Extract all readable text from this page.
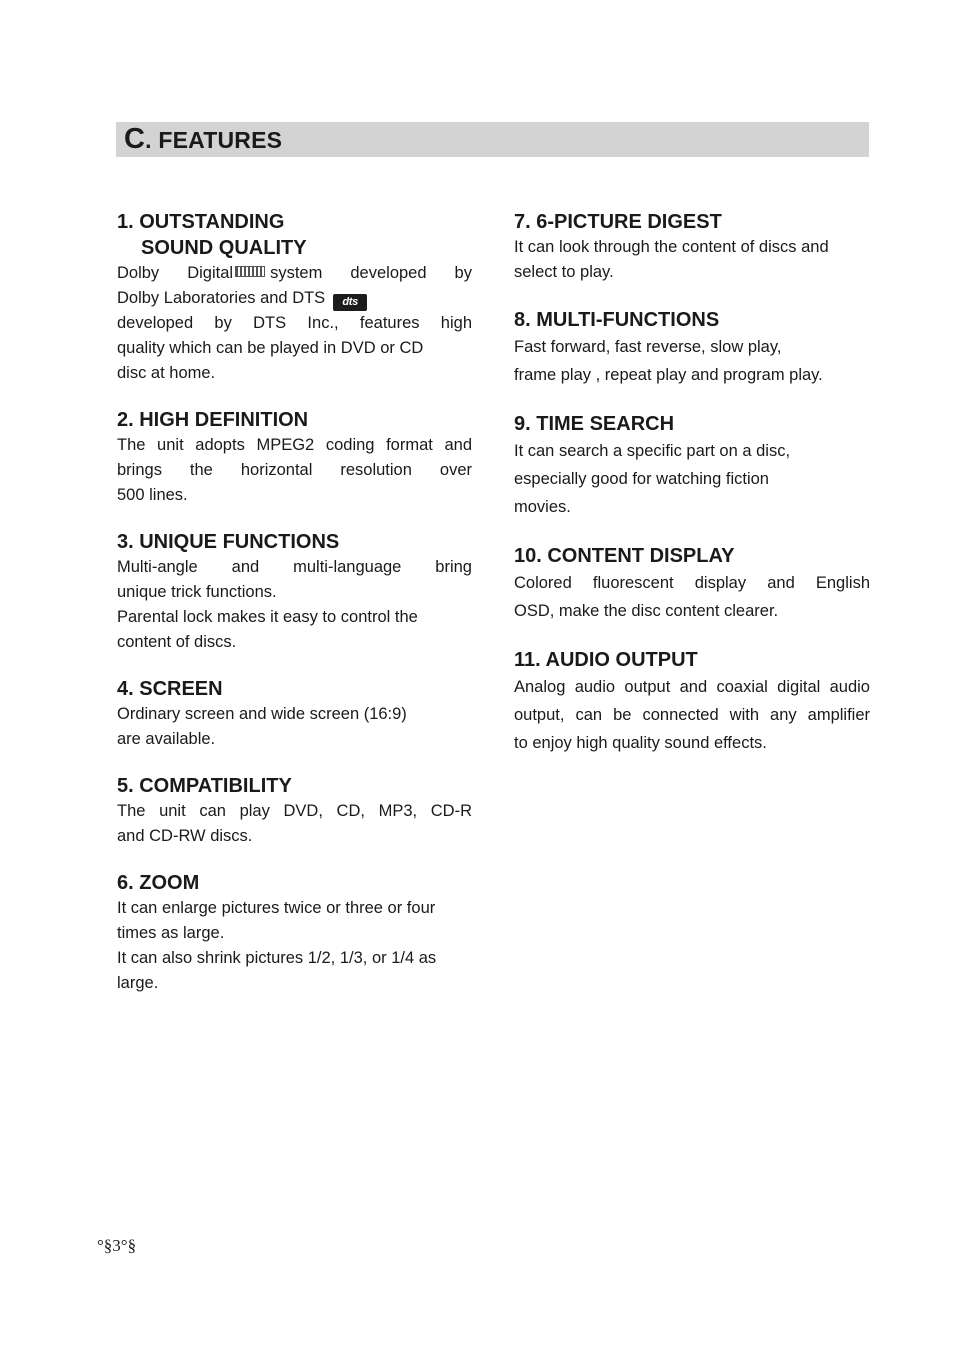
C. FEATURES
1. OUTSTANDING
SOUND QUALITY

Dolby Digital system developed by
Dolby Laboratories and DTS dts
developed by DTS Inc., features high
quality which can be played in DVD or CD
disc at home.

2. HIGH DEFINITION

The unit adopts MPEG2 coding format and
brings the horizontal resolution over
500 lines.

3. UNIQUE FUNCTIONS

Multi-angle and multi-language bring
unique trick functions.
Parental lock makes it easy to control the
content of discs.

4. SCREEN

Ordinary screen and wide screen (16:9)
are available.

5. COMPATIBILITY

The unit can play DVD, CD, MP3, CD-R
and CD-RW discs.

6. ZOOM

It can enlarge pictures twice or three or four
times as large.
It can also shrink pictures 1/2, 1/3, or 1/4 as
large.

7. 6-PICTURE DIGEST

It can look through the content of discs and
select to play.

8. MULTI-FUNCTIONS

Fast forward, fast reverse, slow play,
frame play , repeat play and program play.

9. TIME SEARCH

It can search a specific part on a disc,
especially good for watching fiction
movies.

10. CONTENT DISPLAY

Colored fluorescent display and English
OSD, make the disc content clearer.

11. AUDIO OUTPUT

Analog audio output and coaxial digital audio
output, can be connected with any amplifier
to enjoy high quality sound effects.

°§3°§
